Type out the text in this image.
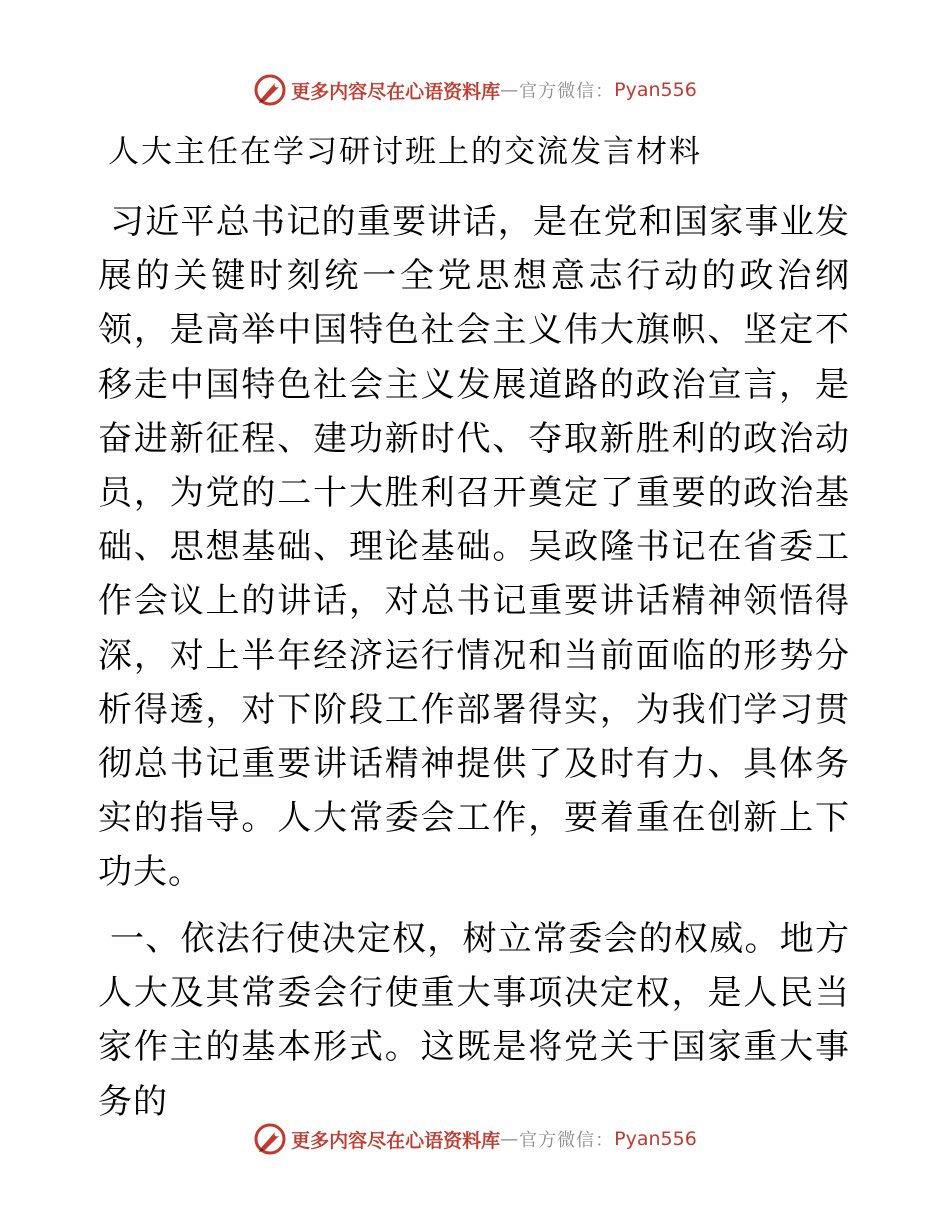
更多内容尽在心语资料库 — 官方微信： Pyan556
人大主任在学习研讨班上的交流发言材料

习近平总书记的重要讲话，是在党和国家事业发展的关键时刻统一全党思想意志行动的政治纲领，是高举中国特色社会主义伟大旗帜、坚定不移走中国特色社会主义发展道路的政治宣言，是奋进新征程、建功新时代、夺取新胜利的政治动员，为党的二十大胜利召开奠定了重要的政治基础、思想基础、理论基础。吴政隆书记在省委工作会议上的讲话，对总书记重要讲话精神领悟得深，对上半年经济运行情况和当前面临的形势分析得透，对下阶段工作部署得实，为我们学习贯彻总书记重要讲话精神提供了及时有力、具体务实的指导。人大常委会工作，要着重在创新上下功夫。

一、依法行使决定权，树立常委会的权威。地方人大及其常委会行使重大事项决定权，是人民当家作主的基本形式。这既是将党关于国家重大事务的

更多内容尽在心语资料库 — 官方微信： Pyan556
